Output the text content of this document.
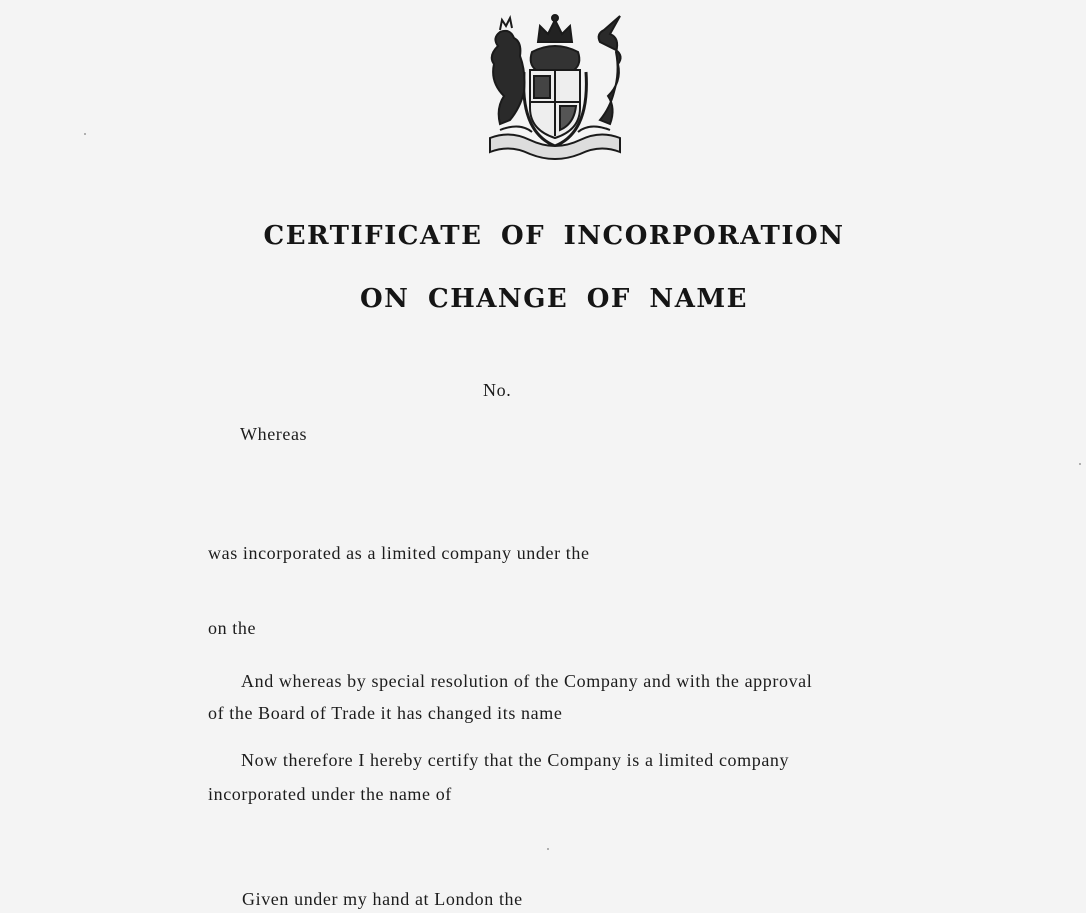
CERTIFICATE OF INCORPORATION
ON CHANGE OF NAME
No.
Whereas
was incorporated as a limited company under the
on the
And whereas by special resolution of the Company and with the approval
of the Board of Trade it has changed its name
Now therefore I hereby certify that the Company is a limited company
incorporated under the name of
Given under my hand at London the
